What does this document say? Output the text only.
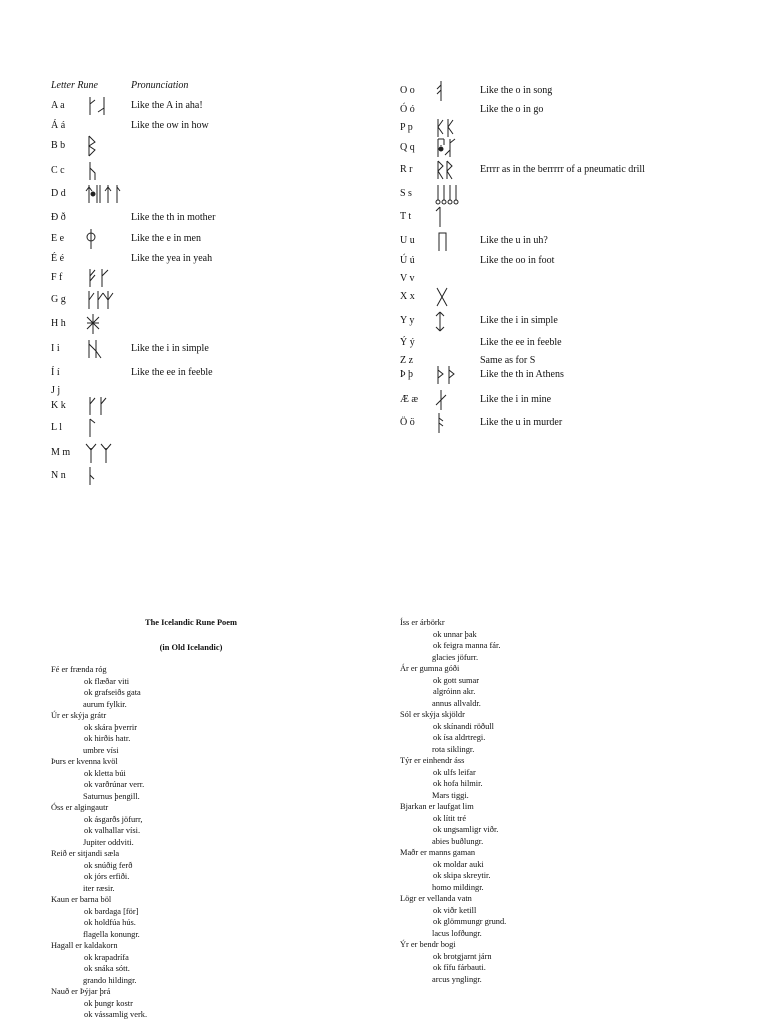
Letter Rune	Pronunciation
A a	Like the A in aha!
Á á	Like the ow in how
B b
C c
D d
Ð ð	Like the th in mother
E e	Like the e in men
É é	Like the yea in yeah
F f
G g
H h
I i	Like the i in simple
Í í	Like the ee in feeble
J j
K k
L l
M m
N n
O o	Like the o in song
Ó ó	Like the o in go
P p
Q q
R r	Errrr as in the berrrrr of a pneumatic drill
S s
T t
U u	Like the u in uh?
Ú ú	Like the oo in foot
V v
X x
Y y	Like the i in simple
Ý ý	Like the ee in feeble
Z z	Same as for S
Þ þ	Like the th in Athens
Æ æ	Like the i in mine
Ö ö	Like the u in murder
The Icelandic Rune Poem
(in Old Icelandic)
Fé er frænda róg
ok flæðar viti
ok grafseiðs gata
aurum fylkir.
Úr er skýja grátr
ok skára þverrir
ok hirðis hatr.
umbre vísi
Þurs er kvenna kvöl
ok kletta búi
ok varðrúnar verr.
Saturnus þengill.
Óss er algingautr
ok ásgarðs jöfurr,
ok valhallar vísi.
Jupiter oddviti.
Reið er sitjandi sæla
ok snúðig ferð
ok jórs erfiði.
iter ræsir.
Kaun er barna böl
ok bardaga [för]
ok holdfúa hús.
flagella konungr.
Hagall er kaldakorn
ok krapadrífa
ok snáka sótt.
grando hildingr.
Nauð er Þýjar þrá
ok þungr kostr
ok vássamlig verk.
Íss er árbörkr
ok unnar þak
ok feigra manna fár.
glacies jöfurr.
Ár er gumna góði
ok gott sumar
algróinn akr.
annus allvaldr.
Sól er skýja skjöldr
ok skínandi röðull
ok ísa aldrtregi.
rota siklingr.
Týr er einhendr áss
ok ulfs leifar
ok hofa hilmir.
Mars tiggi.
Bjarkan er laufgat lim
ok lítit tré
ok ungsamligr viðr.
abies buðlungr.
Maðr er manns gaman
ok moldar auki
ok skipa skreytir.
homo mildingr.
Lögr er vellanda vatn
ok viðr ketill
ok glömmungr grund.
lacus lofðungr.
Ýr er bendr bogi
ok brotgjarnt járn
ok fífu fárbauti.
arcus ynglingr.
